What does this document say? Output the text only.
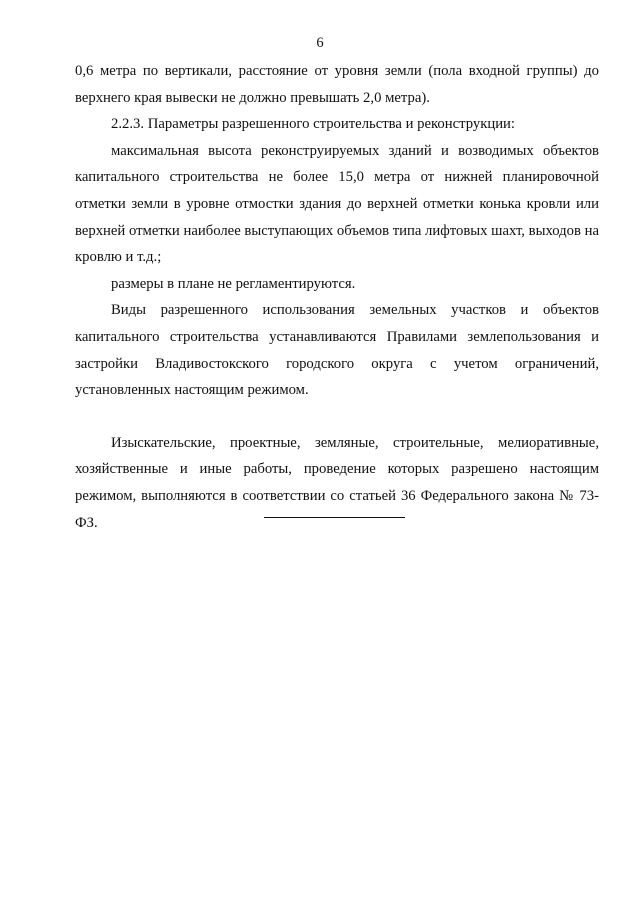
6

0,6 метра по вертикали, расстояние от уровня земли (пола входной группы) до верхнего края вывески не должно превышать 2,0 метра).

2.2.3. Параметры разрешенного строительства и реконструкции:

максимальная высота реконструируемых зданий и возводимых объектов капитального строительства не более 15,0 метра от нижней планировочной отметки земли в уровне отмостки здания до верхней отметки конька кровли или верхней отметки наиболее выступающих объемов типа лифтовых шахт, выходов на кровлю и т.д.;

размеры в плане не регламентируются.

Виды разрешенного использования земельных участков и объектов капитального строительства устанавливаются Правилами землепользования и застройки Владивостокского городского округа с учетом ограничений, установленных настоящим режимом.

Изыскательские, проектные, земляные, строительные, мелиоративные, хозяйственные и иные работы, проведение которых разрешено настоящим режимом, выполняются в соответствии со статьей 36 Федерального закона № 73-ФЗ.
